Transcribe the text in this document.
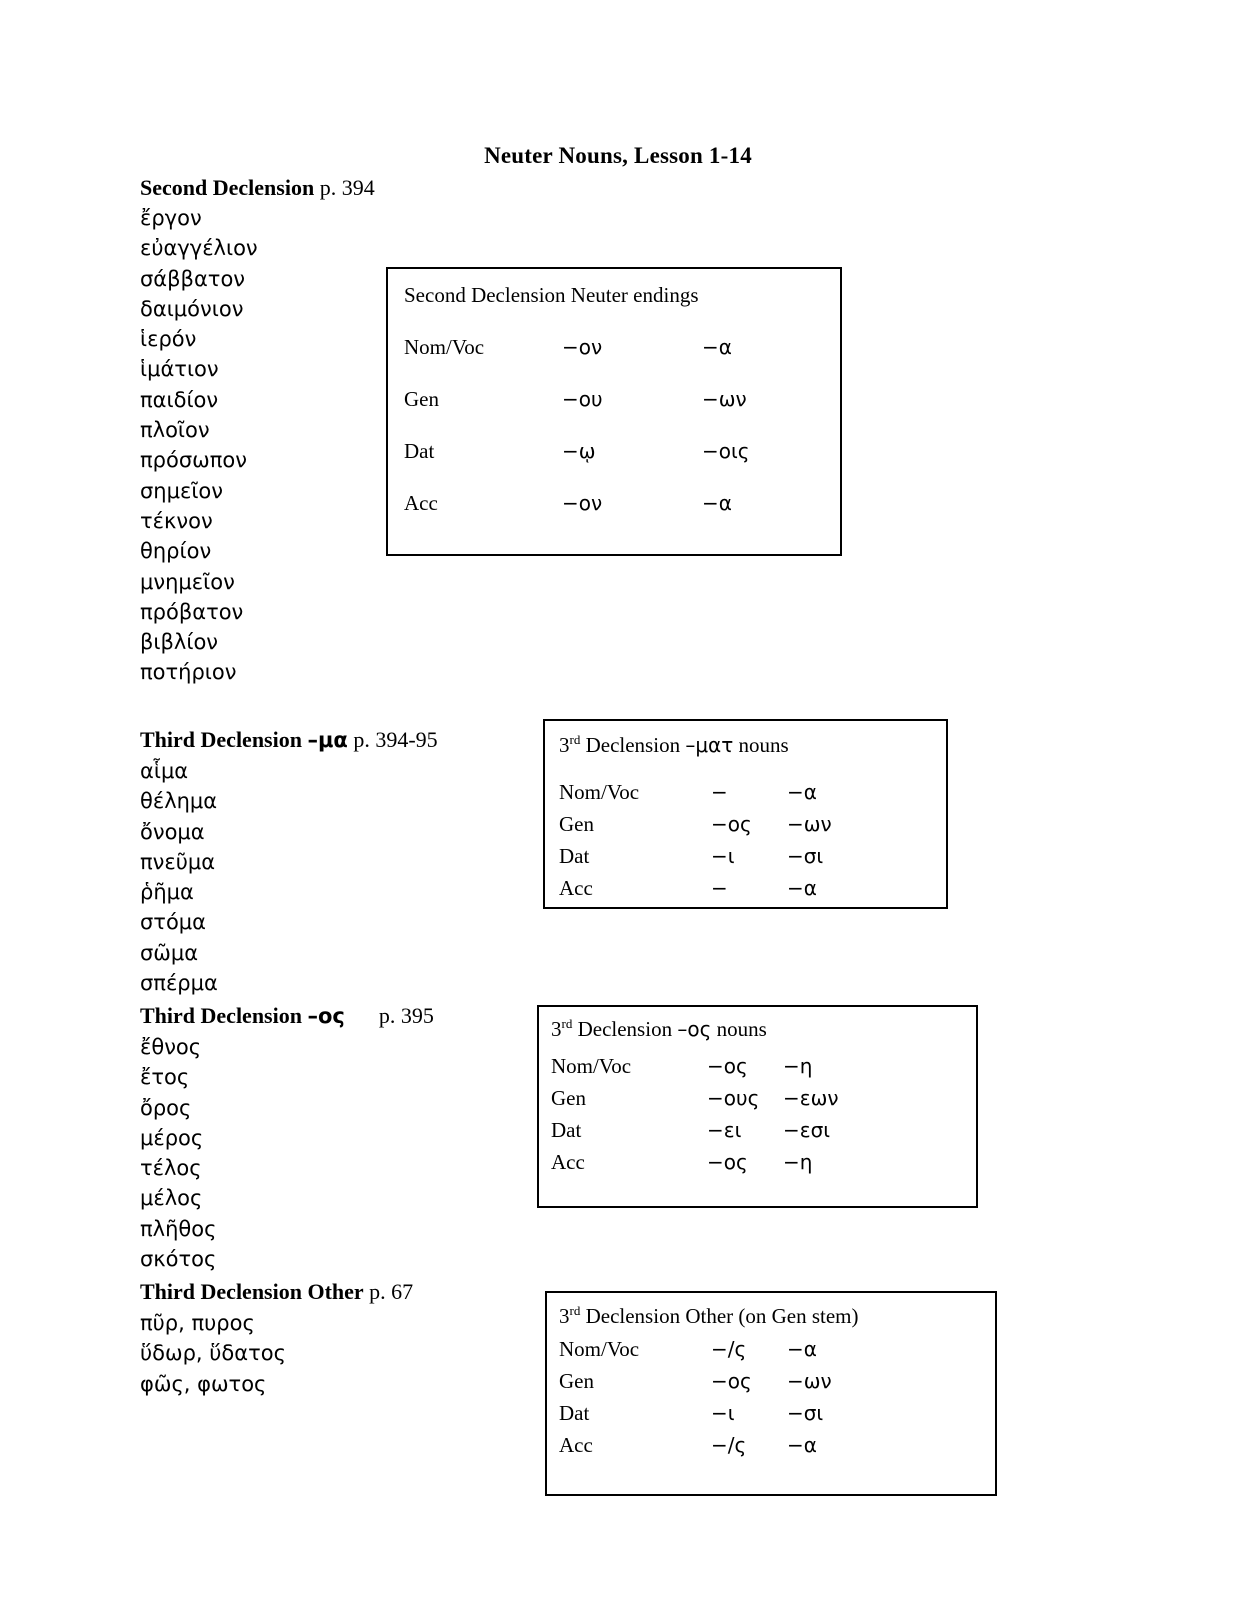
Neuter Nouns, Lesson 1-14
Second Declension p. 394
ἔργον
εὐαγγέλιον
σάββατον
δαιμόνιον
ἱερόν
ἱμάτιον
παιδίον
πλοῖον
πρόσωπον
σημεῖον
τέκνον
θηρίον
μνημεῖον
πρόβατον
βιβλίον
ποτήριον
Second Declension Neuter endings
Nom/Voc	−ον	−α
Gen	−ου	−ων
Dat	−ῳ	−οις
Acc	−ον	−α
Third Declension –μα p. 394-95
αἷμα
θέλημα
ὄνομα
πνεῦμα
ῥῆμα
στόμα
σῶμα
σπέρμα
3rd Declension –ματ nouns
Nom/Voc	−	−α
Gen	−ος −ων
Dat	−ι	−σι
Acc	−	−α
Third Declension –ος p. 395
ἔθνος
ἔτος
ὄρος
μέρος
τέλος
μέλος
πλῆθος
σκότος
3rd Declension –ος nouns
Nom/Voc	−ος −η
Gen	−ους −εων
Dat	−ει −εσι
Acc	−ος −η
Third Declension Other p. 67
πῦρ, πυρος
ὕδωρ, ὕδατος
φῶς, φωτος
3rd Declension Other (on Gen stem)
Nom/Voc	−/ς −α
Gen	−ος −ων
Dat	−ι	−σι
Acc	−/ς −α
